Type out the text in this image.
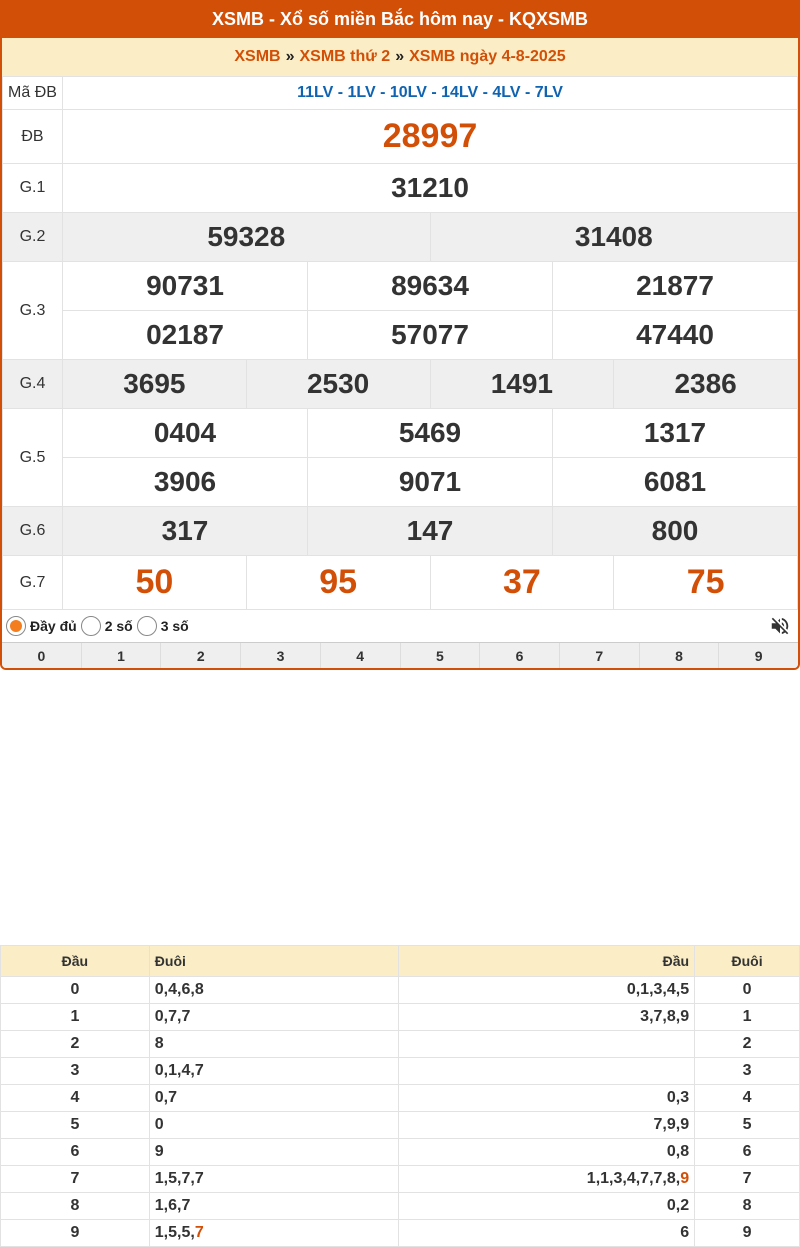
XSMB - Xổ số miền Bắc hôm nay - KQXSMB
XSMB » XSMB thứ 2 » XSMB ngày 4-8-2025
Mã ĐB	11LV - 1LV - 10LV - 14LV - 4LV - 7LV					
ĐB	28997					
G.1	31210					
G.2	59328			31408		
G.3	90731		89634		21877	
	02187		57077		47440	
G.4	3695	2530		1491		2386
G.5	0404		5469		1317	
	3906		9071		6081	
G.6	317		147		800	
G.7	50	95		37		75
Đầy đủ 2 số 3 số
0	1	2	3	4	5	6	7	8	9
Đầu	Đuôi	Đầu	Đuôi
0	0,4,6,8	0,1,3,4,5	0
1	0,7,7	3,7,8,9	1
2	8		2
3	0,1,4,7		3
4	0,7	0,3	4
5	0	7,9,9	5
6	9	0,8	6
7	1,5,7,7	1,1,3,4,7,7,8,9	7
8	1,6,7	0,2	8
9	1,5,5,7	6	9
